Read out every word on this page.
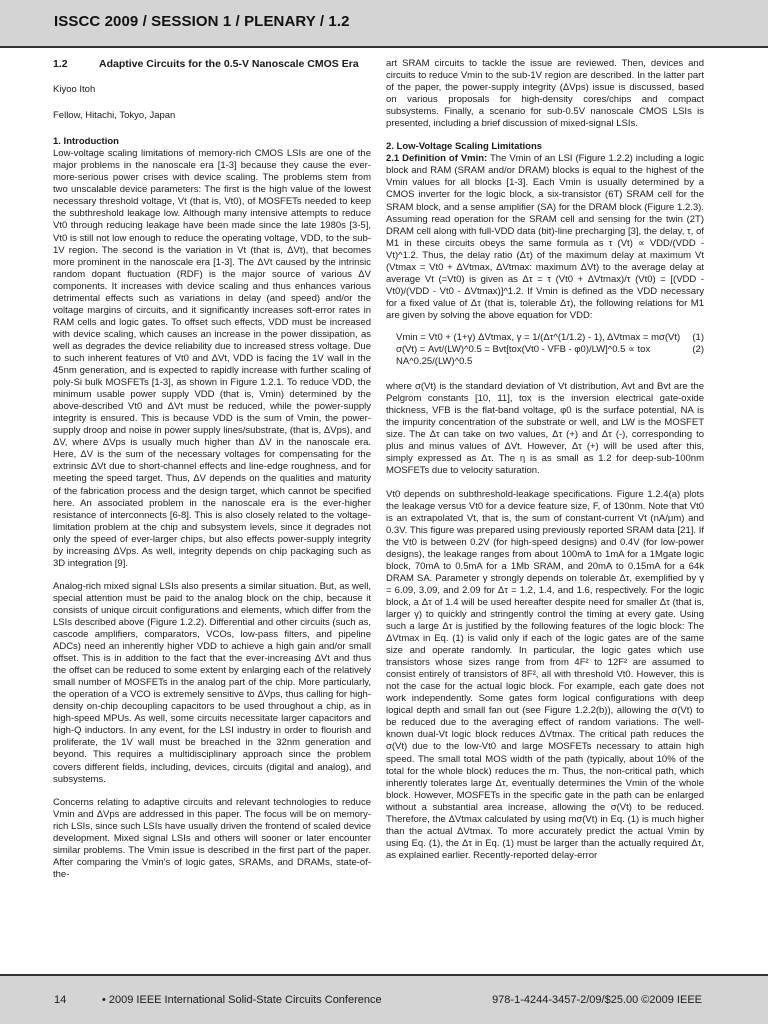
ISSCC 2009 / SESSION 1 / PLENARY / 1.2
1.2	Adaptive Circuits for the 0.5-V Nanoscale CMOS Era
Kiyoo Itoh
Fellow, Hitachi, Tokyo, Japan
1. Introduction

Low-voltage scaling limitations of memory-rich CMOS LSIs are one of the major problems in the nanoscale era [1-3] because they cause the ever-more-serious power crises with device scaling. The problems stem from two unscalable device parameters: The first is the high value of the lowest necessary threshold voltage, Vt (that is, Vt0), of MOSFETs needed to keep the subthreshold leakage low. Although many intensive attempts to reduce Vt0 through reducing leakage have been made since the late 1980s [3-5], Vt0 is still not low enough to reduce the operating voltage, VDD, to the sub-1V region. The second is the variation in Vt (that is, ΔVt), that becomes more prominent in the nanoscale era [1-3]. The ΔVt caused by the intrinsic random dopant fluctuation (RDF) is the major source of various ΔV components. It increases with device scaling and thus enhances various detrimental effects such as variations in delay (and speed) and/or the voltage margins of circuits, and it significantly increases soft-error rates in RAM cells and logic gates. To offset such effects, VDD must be increased with device scaling, which causes an increase in the power dissipation, as well as degrades the device reliability due to increased stress voltage. Due to such inherent features of Vt0 and ΔVt, VDD is facing the 1V wall in the 45nm generation, and is expected to rapidly increase with further scaling of poly-Si bulk MOSFETs [1-3], as shown in Figure 1.2.1. To reduce VDD, the minimum usable power supply VDD (that is, Vmin) determined by the above-described Vt0 and ΔVt must be reduced, while the power-supply integrity is ensured. This is because VDD is the sum of Vmin, the power-supply droop and noise in power supply lines/substrate, (that is, ΔVps), and ΔV, where ΔVps is usually much higher than ΔV in the nanoscale era. Here, ΔV is the sum of the necessary voltages for compensating for the extrinsic ΔVt due to short-channel effects and line-edge roughness, and for meeting the speed target. Thus, ΔV depends on the qualities and maturity of the fabrication process and the design target, which cannot be specified here. An associated problem in the nanoscale era is the ever-higher resistance of interconnects [6-8]. This is also closely related to the voltage-limitation problem at the chip and subsystem levels, since it degrades not only the speed of ever-larger chips, but also effects power-supply integrity by increasing ΔVps. As well, integrity depends on chip packaging such as 3D integration [9].

Analog-rich mixed signal LSIs also presents a similar situation. But, as well, special attention must be paid to the analog block on the chip, because it consists of unique circuit configurations and elements, which differ from the LSIs described above (Figure 1.2.2). Differential and other circuits (such as, cascode amplifiers, comparators, VCOs, low-pass filters, and pipeline ADCs) need an inherently higher VDD to achieve a high gain and/or small offset. This is in addition to the fact that the ever-increasing ΔVt and thus the offset can be reduced to some extent by enlarging each of the relatively small number of MOSFETs in the analog part of the chip. More particularly, the operation of a VCO is extremely sensitive to ΔVps, thus calling for high-density on-chip decoupling capacitors to be used throughout a chip, as in high-speed MPUs. As well, some circuits necessitate larger capacitors and high-Q inductors. In any event, for the LSI industry in order to flourish and proliferate, the 1V wall must be breached in the 32nm generation and beyond. This requires a multidisciplinary approach since the problem covers different fields, including, devices, circuits (digital and analog), and subsystems.

Concerns relating to adaptive circuits and relevant technologies to reduce Vmin and ΔVps are addressed in this paper. The focus will be on memory-rich LSIs, since such LSIs have usually driven the frontend of scaled device development. Mixed signal LSIs and others will sooner or later encounter similar problems. The Vmin issue is described in the first part of the paper. After comparing the Vmin's of logic gates, SRAMs, and DRAMs, state-of-the-

art SRAM circuits to tackle the issue are reviewed. Then, devices and circuits to reduce Vmin to the sub-1V region are described. In the latter part of the paper, the power-supply integrity (ΔVps) issue is discussed, based on various proposals for high-density cores/chips and compact subsystems. Finally, a scenario for sub-0.5V nanoscale CMOS LSIs is presented, including a brief discussion of mixed-signal LSIs.

2. Low-Voltage Scaling Limitations

2.1 Definition of Vmin: The Vmin of an LSI (Figure 1.2.2) including a logic block and RAM (SRAM and/or DRAM) blocks is equal to the highest of the Vmin values for all blocks [1-3]. Each Vmin is usually determined by a CMOS inverter for the logic block, a six-transistor (6T) SRAM cell for the SRAM block, and a sense amplifier (SA) for the DRAM block (Figure 1.2.3). Assuming read operation for the SRAM cell and sensing for the twin (2T) DRAM cell along with full-VDD data (bit)-line precharging [3], the delay, τ, of M1 in these circuits obeys the same formula as τ (Vt) ∝ VDD/(VDD - Vt)^1.2. Thus, the delay ratio (Δτ) of the maximum delay at maximum Vt (Vtmax = Vt0 + ΔVtmax, ΔVtmax: maximum ΔVt) to the average delay at average Vt (=Vt0) is given as Δτ = τ (Vt0 + ΔVtmax)/τ (Vt0) = [(VDD - Vt0)/(VDD - Vt0 - ΔVtmax)]^1.2. If Vmin is defined as the VDD necessary for a fixed value of Δτ (that is, tolerable Δτ), the following relations for M1 are given by solving the above equation for VDD:

Vmin = Vt0 + (1+γ) ΔVtmax, γ = 1/(Δτ^(1/1.2) - 1), ΔVtmax = mσ(Vt) (1)
σ(Vt) = Avt/(LW)^0.5 = Bvt[tox(Vt0 - VFB - φ0)/LW]^0.5 ∝ tox NA^0.25/(LW)^0.5
(2)

where σ(Vt) is the standard deviation of Vt distribution, Avt and Bvt are the Pelgrom constants [10, 11], tox is the inversion electrical gate-oxide thickness, VFB is the flat-band voltage, φ0 is the surface potential, NA is the impurity concentration of the substrate or well, and LW is the MOSFET size. The Δτ can take on two values, Δτ (+) and Δτ (-), corresponding to plus and minus values of ΔVt. However, Δτ (+) will be used after this, simply expressed as Δτ. The η is as small as 1.2 for deep-sub-100nm MOSFETs due to velocity saturation.

Vt0 depends on subthreshold-leakage specifications. Figure 1.2.4(a) plots the leakage versus Vt0 for a device feature size, F, of 130nm. Note that Vt0 is an extrapolated Vt, that is, the sum of constant-current Vt (nA/μm) and 0.3V. This figure was prepared using previously reported SRAM data [21]. If the Vt0 is between 0.2V (for high-speed designs) and 0.4V (for low-power designs), the leakage ranges from about 100mA to 1mA for a 1Mgate logic block, 70mA to 0.5mA for a 1Mb SRAM, and 20mA to 0.15mA for a 64k DRAM SA. Parameter γ strongly depends on tolerable Δτ, exemplified by γ = 6.09, 3.09, and 2.09 for Δτ = 1.2, 1.4, and 1.6, respectively. For the logic block, a Δτ of 1.4 will be used hereafter despite need for smaller Δτ (that is, larger γ) to quickly and stringently control the timing at every gate. Using such a large Δτ is justified by the following features of the logic block: The ΔVtmax in Eq. (1) is valid only if each of the logic gates are of the same size and operate randomly. In particular, the logic gates which use transistors whose sizes range from from 4F² to 12F² are assumed to consist entirely of transistors of 8F², all with threshold Vt0. However, this is not the case for the actual logic block. For example, each gate does not work independently. Some gates form logical configurations with deep logical depth and small fan out (see Figure 1.2.2(b)), allowing the σ(Vt) to be reduced due to the averaging effect of random variations. The well-known dual-Vt logic block reduces ΔVtmax. The critical path reduces the σ(Vt) due to the low-Vt0 and large MOSFETs necessary to attain high speed. The small total MOS width of the path (typically, about 10% of the total for the whole block) reduces the m. Thus, the non-critical path, which inherently tolerates large Δτ, eventually determines the Vmin of the whole block. However, MOSFETs in the specific gate in the path can be enlarged without a substantial area increase, allowing the σ(Vt) to be reduced. Therefore, the ΔVtmax calculated by using mσ(Vt) in Eq. (1) is much higher than the actual ΔVtmax. To more accurately predict the actual Vmin by using Eq. (1), the Δτ in Eq. (1) must be larger than the actually required Δτ, as explained earlier. Recently-reported delay-error

14	• 2009 IEEE International Solid-State Circuits Conference	978-1-4244-3457-2/09/$25.00 ©2009 IEEE
